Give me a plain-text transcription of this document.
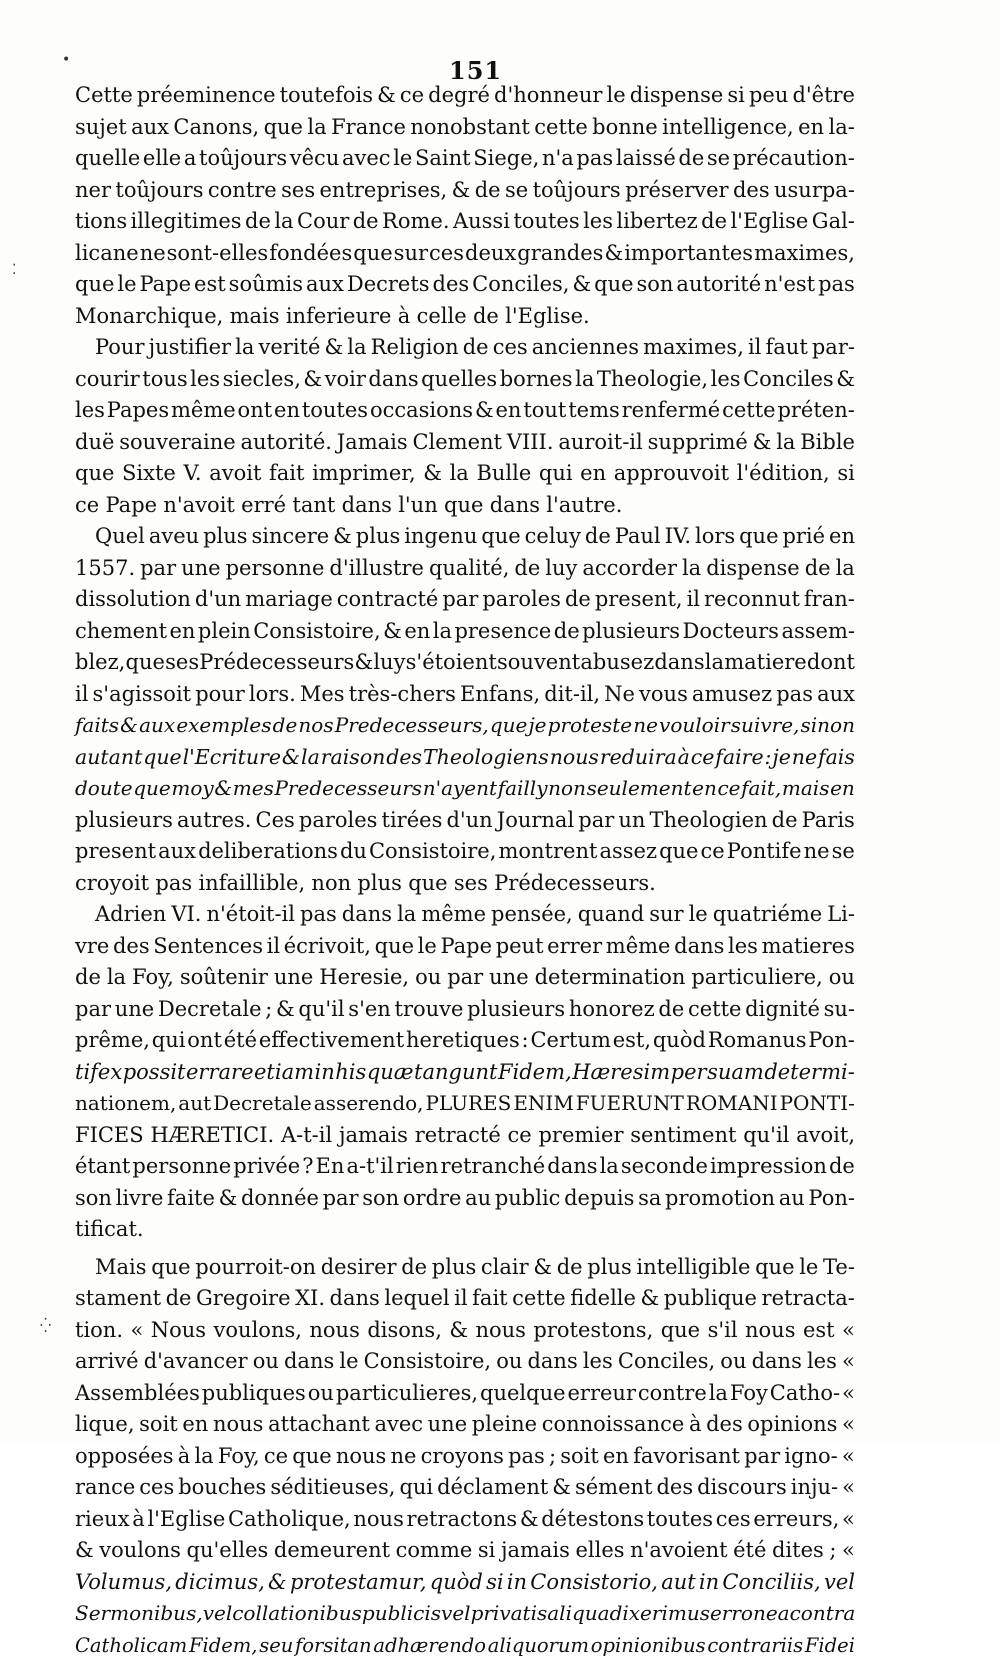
151
•
⁚
⁛
Cette préeminence toutefois & ce degré d'honneur le dispense si peu d'être
sujet aux Canons, que la France nonobstant cette bonne intelligence, en la-
quelle elle a toûjours vêcu avec le Saint Siege, n'a pas laissé de se précaution-
ner toûjours contre ses entreprises, & de se toûjours préserver des usurpa-
tions illegitimes de la Cour de Rome. Aussi toutes les libertez de l'Eglise Gal-
licane ne sont-elles fondées que sur ces deux grandes & importantes maximes,
que le Pape est soûmis aux Decrets des Conciles, & que son autorité n'est pas
Monarchique, mais inferieure à celle de l'Eglise.
Pour justifier la verité & la Religion de ces anciennes maximes, il faut par-
courir tous les siecles, & voir dans quelles bornes la Theologie, les Conciles &
les Papes même ont en toutes occasions & en tout tems renfermé cette préten-
duë souveraine autorité. Jamais Clement VIII. auroit-il supprimé & la Bible
que Sixte V. avoit fait imprimer, & la Bulle qui en approuvoit l'édition, si
ce Pape n'avoit erré tant dans l'un que dans l'autre.
Quel aveu plus sincere & plus ingenu que celuy de Paul IV. lors que prié en
1557. par une personne d'illustre qualité, de luy accorder la dispense de la
dissolution d'un mariage contracté par paroles de present, il reconnut fran-
chement en plein Consistoire, & en la presence de plusieurs Docteurs assem-
blez, que ses Prédecesseurs & luy s'étoient souvent abusez dans la matiere dont
il s'agissoit pour lors. Mes très-chers Enfans, dit-il, Ne vous amusez pas aux
faits & aux exemples de nos Predecesseurs, que je proteste ne vouloir suivre, sinon
autant que l'Ecriture & la raison des Theologiens nous reduira à ce faire : je ne fais
doute que moy & mes Predecesseurs n'ayent failly non seulement en ce fait, mais en
plusieurs autres. Ces paroles tirées d'un Journal par un Theologien de Paris
present aux deliberations du Consistoire, montrent assez que ce Pontife ne se
croyoit pas infaillible, non plus que ses Prédecesseurs.
Adrien VI. n'étoit-il pas dans la même pensée, quand sur le quatriéme Li-
vre des Sentences il écrivoit, que le Pape peut errer même dans les matieres
de la Foy, soûtenir une Heresie, ou par une determination particuliere, ou
par une Decretale ; & qu'il s'en trouve plusieurs honorez de cette dignité su-
prême, qui ont été effectivement heretiques : Certum est, quòd Romanus Pon-
tifex possit errare etiam in his quæ tangunt Fidem, Hæresim per suam determi-
nationem, aut Decretale asserendo, PLURES ENIM FUERUNT ROMANI PONTI-
FICES HÆRETICI. A-t-il jamais retracté ce premier sentiment qu'il avoit,
étant personne privée ? En a-t'il rien retranché dans la seconde impression de
son livre faite & donnée par son ordre au public depuis sa promotion au Pon-
tificat.
Mais que pourroit-on desirer de plus clair & de plus intelligible que le Te-
stament de Gregoire XI. dans lequel il fait cette fidelle & publique retracta-
tion. « Nous voulons, nous disons, & nous protestons, que s'il nous est «
arrivé d'avancer ou dans le Consistoire, ou dans les Conciles, ou dans les «
Assemblées publiques ou particulieres, quelque erreur contre la Foy Catho- «
lique, soit en nous attachant avec une pleine connoissance à des opinions «
opposées à la Foy, ce que nous ne croyons pas ; soit en favorisant par igno- «
rance ces bouches séditieuses, qui déclament & sément des discours inju- «
rieux à l'Eglise Catholique, nous retractons & détestons toutes ces erreurs, «
& voulons qu'elles demeurent comme si jamais elles n'avoient été dites ; «
Volumus, dicimus, & protestamur, quòd si in Consistorio, aut in Conciliis, vel
Sermonibus, vel collationibus publicis vel privatis aliqua dixerimus erronea contra
Catholicam Fidem, seu forsitan adhærendo aliquorum opinionibus contrariis Fidei
